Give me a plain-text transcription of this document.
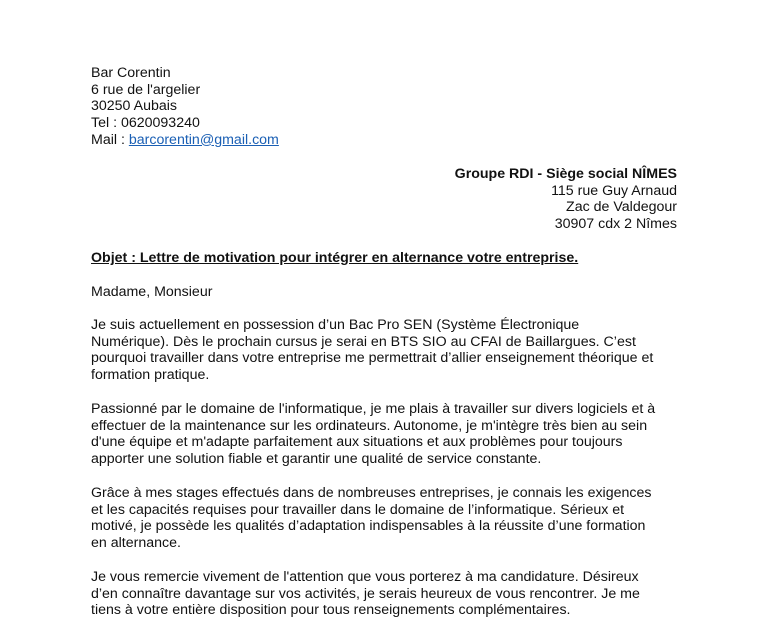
Bar Corentin
6 rue de l'argelier
30250 Aubais
Tel : 0620093240
Mail : barcorentin@gmail.com
Groupe RDI - Siège social NÎMES
115 rue Guy Arnaud
Zac de Valdegour
30907 cdx 2 Nîmes
Objet : Lettre de motivation pour intégrer en alternance votre entreprise.
Madame, Monsieur
Je suis actuellement en possession d’un Bac Pro SEN (Système Électronique
Numérique). Dès le prochain cursus je serai en BTS SIO au CFAI de Baillargues. C’est
pourquoi travailler dans votre entreprise me permettrait d’allier enseignement théorique et
formation pratique.
Passionné par le domaine de l'informatique, je me plais à travailler sur divers logiciels et à
effectuer de la maintenance sur les ordinateurs. Autonome, je m'intègre très bien au sein
d'une équipe et m'adapte parfaitement aux situations et aux problèmes pour toujours
apporter une solution fiable et garantir une qualité de service constante.
Grâce à mes stages effectués dans de nombreuses entreprises, je connais les exigences
et les capacités requises pour travailler dans le domaine de l’informatique. Sérieux et
motivé, je possède les qualités d’adaptation indispensables à la réussite d’une formation
en alternance.
Je vous remercie vivement de l'attention que vous porterez à ma candidature. Désireux
d’en connaître davantage sur vos activités, je serais heureux de vous rencontrer. Je me
tiens à votre entière disposition pour tous renseignements complémentaires.
